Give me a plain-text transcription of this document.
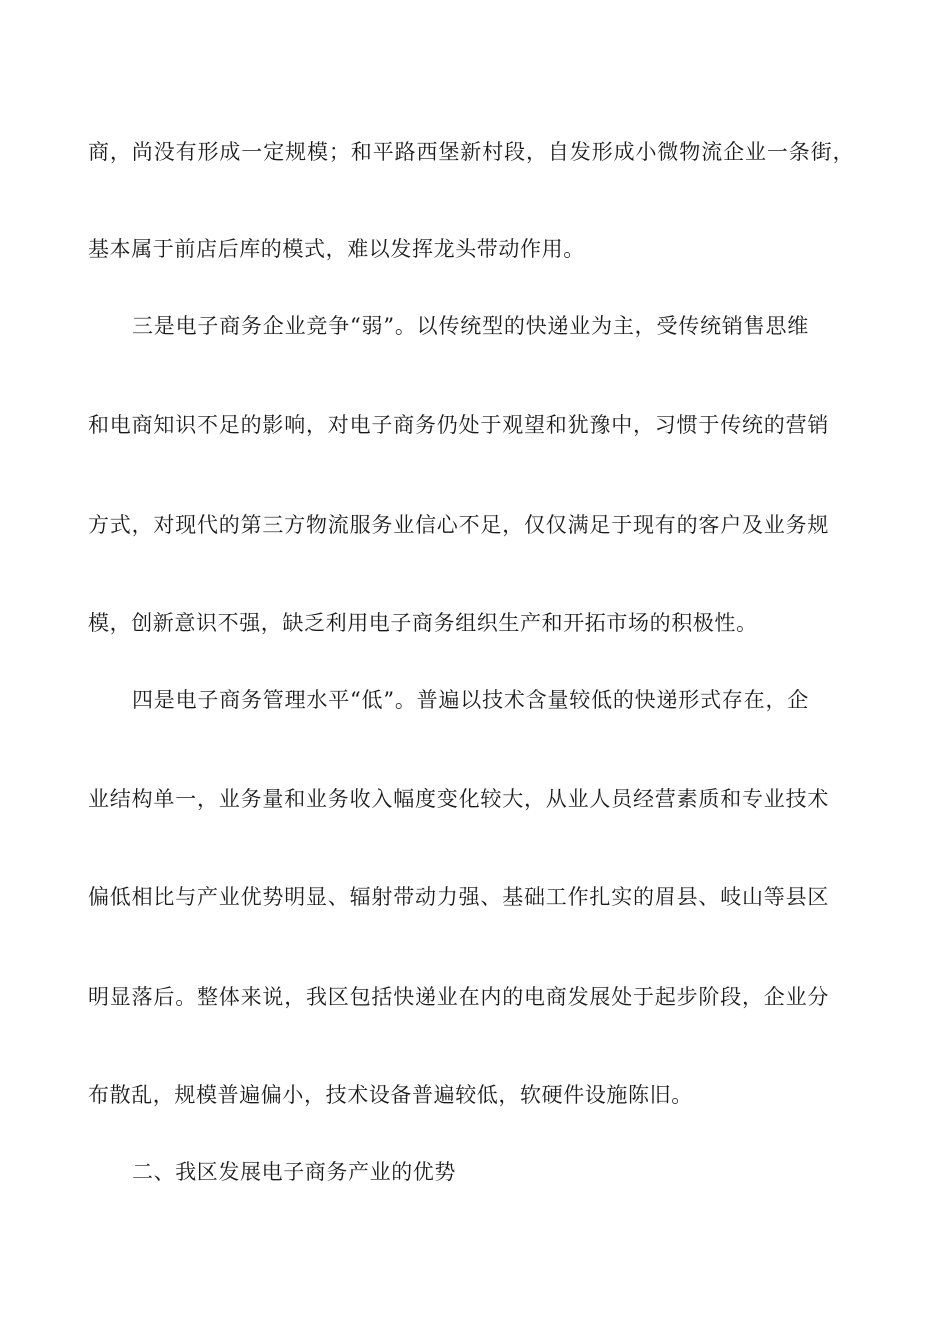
商，尚没有形成一定规模；和平路西堡新村段，自发形成小微物流企业一条街，
基本属于前店后库的模式，难以发挥龙头带动作用。
三是电子商务企业竞争“弱”。以传统型的快递业为主，受传统销售思维
和电商知识不足的影响，对电子商务仍处于观望和犹豫中，习惯于传统的营销
方式，对现代的第三方物流服务业信心不足，仅仅满足于现有的客户及业务规
模，创新意识不强，缺乏利用电子商务组织生产和开拓市场的积极性。
四是电子商务管理水平“低”。普遍以技术含量较低的快递形式存在，企
业结构单一，业务量和业务收入幅度变化较大，从业人员经营素质和专业技术
偏低相比与产业优势明显、辐射带动力强、基础工作扎实的眉县、岐山等县区
明显落后。整体来说，我区包括快递业在内的电商发展处于起步阶段，企业分
布散乱，规模普遍偏小，技术设备普遍较低，软硬件设施陈旧。
二、我区发展电子商务产业的优势
